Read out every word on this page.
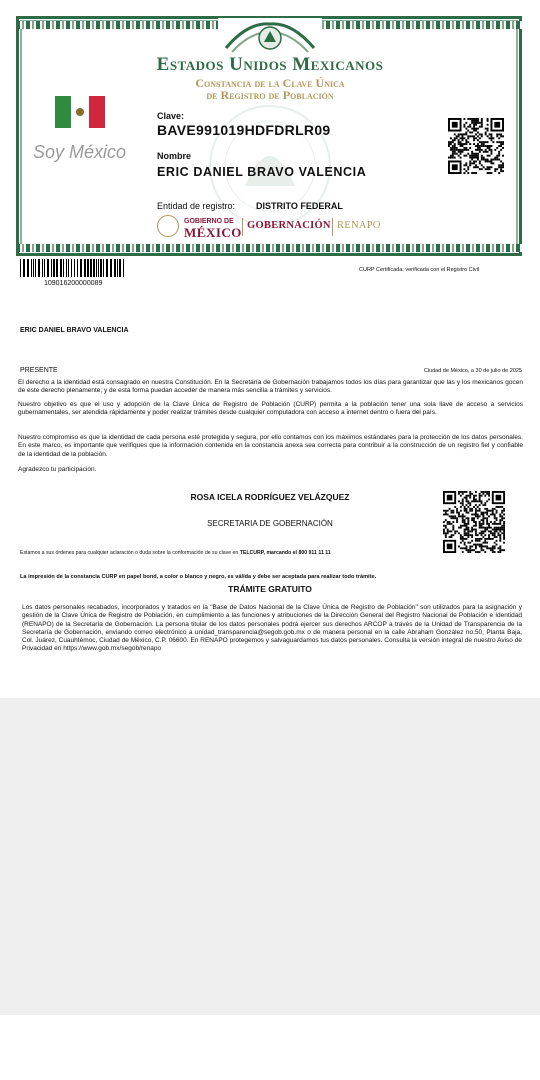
Estados Unidos Mexicanos
Constancia de la Clave Única
de Registro de Población
Soy México
Clave:
BAVE991019HDFDRLR09
Nombre
ERIC DANIEL BRAVO VALENCIA
Entidad de registro: DISTRITO FEDERAL
GOBIERNO DE
MÉXICO GOBERNACIÓN RENAPO
109016200000089
CURP Certificada: verificada con el Registro Civil
ERIC DANIEL BRAVO VALENCIA
PRESENTE	Ciudad de México, a 30 de julio de 2025
El derecho a la identidad está consagrado en nuestra Constitución. En la Secretaría de Gobernación trabajamos todos los días para garantizar que las y los mexicanos gocen de este derecho plenamente; y de esta forma puedan acceder de manera más sencilla a trámites y servicios.
Nuestro objetivo es que el uso y adopción de la Clave Única de Registro de Población (CURP) permita a la población tener una sola llave de acceso a servicios gubernamentales, ser atendida rápidamente y poder realizar trámites desde cualquier computadora con acceso a internet dentro o fuera del país.
Nuestro compromiso es que la identidad de cada persona esté protegida y segura, por ello contamos con los máximos estándares para la protección de los datos personales. En este marco, es importante que verifiques que la información contenida en la constancia anexa sea correcta para contribuir a la construcción de un registro fiel y confiable de la identidad de la población.
Agradezco tu participación.
ROSA ICELA RODRÍGUEZ VELÁZQUEZ
SECRETARIA DE GOBERNACIÓN
Estamos a sus órdenes para cualquier aclaración o duda sobre la conformación de su clave en TELCURP, marcando el 800 911 11 11
La impresión de la constancia CURP en papel bond, a color o blanco y negro, es válida y debe ser aceptada para realizar todo trámite.
TRÁMITE GRATUITO
Los datos personales recabados, incorporados y tratados en la "Base de Datos Nacional de la Clave Única de Registro de Población" son utilizados para la asignación y gestión de la Clave Única de Registro de Población, en cumplimiento a las funciones y atribuciones de la Dirección General del Registro Nacional de Población e Identidad (RENAPO) de la Secretaría de Gobernación. La persona titular de los datos personales podrá ejercer sus derechos ARCOP a través de la Unidad de Transparencia de la Secretaría de Gobernación, enviando correo electrónico a unidad_transparencia@segob.gob.mx o de manera personal en la calle Abraham González no.50, Planta Baja, Col. Juárez, Cuauhtémoc, Ciudad de México, C.P. 06600. En RENAPO protegemos y salvaguardamos tus datos personales. Consulta la versión integral de nuestro Aviso de Privacidad en https://www.gob.mx/segob/renapo
